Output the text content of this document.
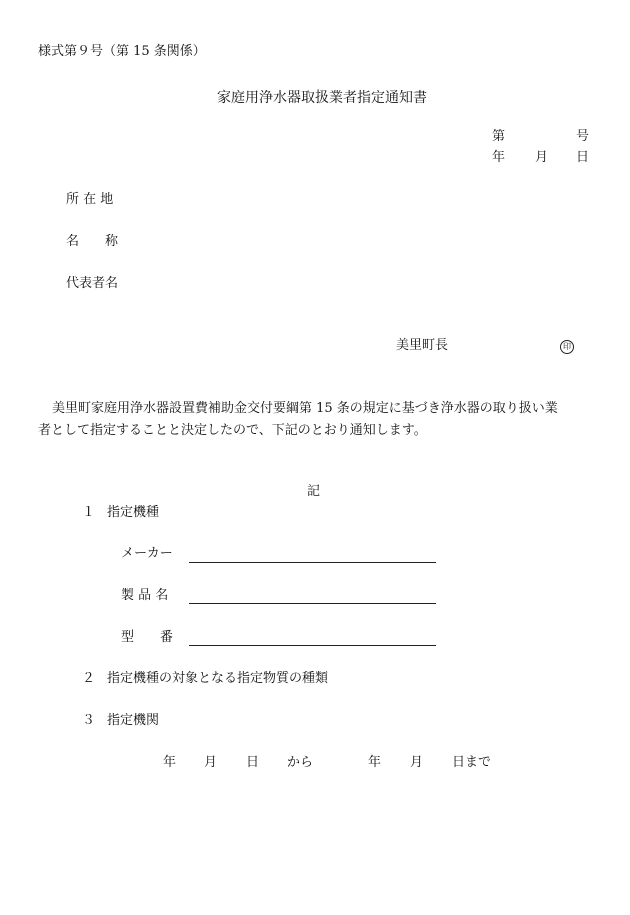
様式第９号（第 15 条関係）
家庭用浄水器取扱業者指定通知書
第	号
年 月 日
所 在 地
名　　称
代表者名
美里町長	印
美里町家庭用浄水器設置費補助金交付要綱第 15 条の規定に基づき浄水器の取り扱い業
者として指定することと決定したので、下記のとおり通知します。
記
１ 指定機種
メーカー
製 品 名
型　　番
２ 指定機種の対象となる指定物質の種類
３ 指定機関
年 月 日 から	年 月 日まで
